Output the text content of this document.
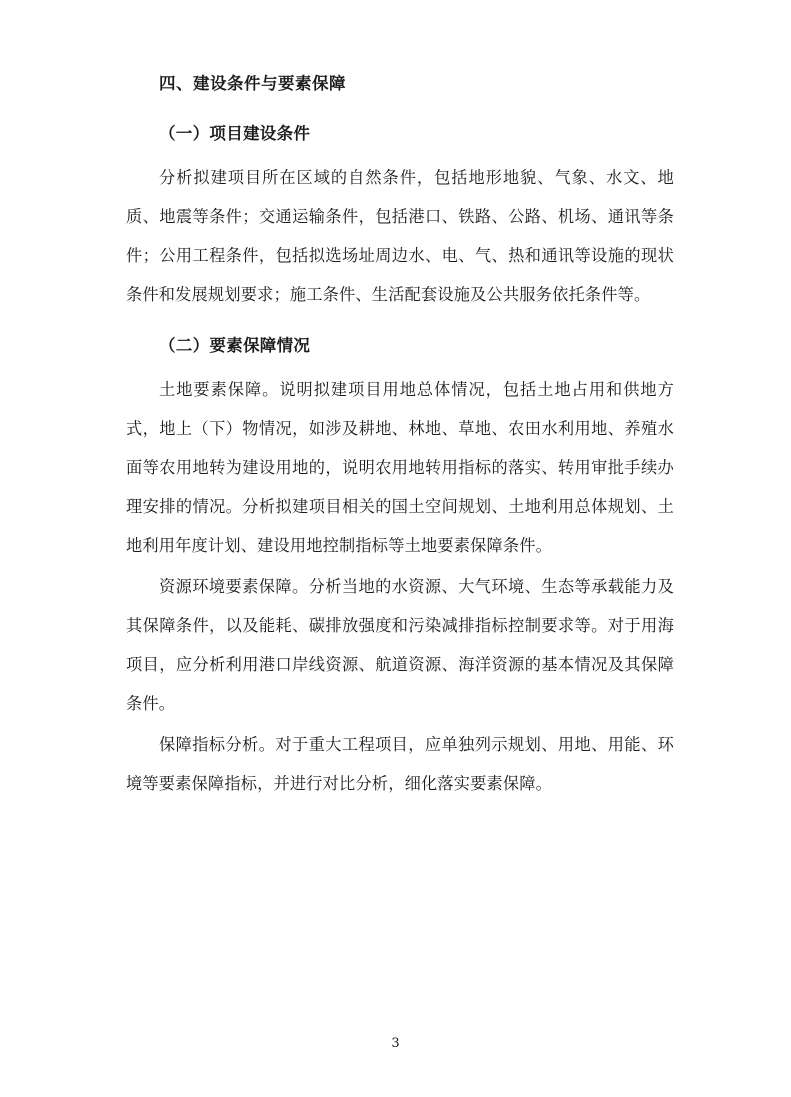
四、建设条件与要素保障
（一）项目建设条件

分析拟建项目所在区域的自然条件，包括地形地貌、气象、水文、地质、地震等条件；交通运输条件，包括港口、铁路、公路、机场、通讯等条件；公用工程条件，包括拟选场址周边水、电、气、热和通讯等设施的现状条件和发展规划要求；施工条件、生活配套设施及公共服务依托条件等。

（二）要素保障情况

土地要素保障。说明拟建项目用地总体情况，包括土地占用和供地方式，地上（下）物情况，如涉及耕地、林地、草地、农田水利用地、养殖水面等农用地转为建设用地的，说明农用地转用指标的落实、转用审批手续办理安排的情况。分析拟建项目相关的国土空间规划、土地利用总体规划、土地利用年度计划、建设用地控制指标等土地要素保障条件。

资源环境要素保障。分析当地的水资源、大气环境、生态等承载能力及其保障条件，以及能耗、碳排放强度和污染减排指标控制要求等。对于用海项目，应分析利用港口岸线资源、航道资源、海洋资源的基本情况及其保障条件。

保障指标分析。对于重大工程项目，应单独列示规划、用地、用能、环境等要素保障指标，并进行对比分析，细化落实要素保障。

3
